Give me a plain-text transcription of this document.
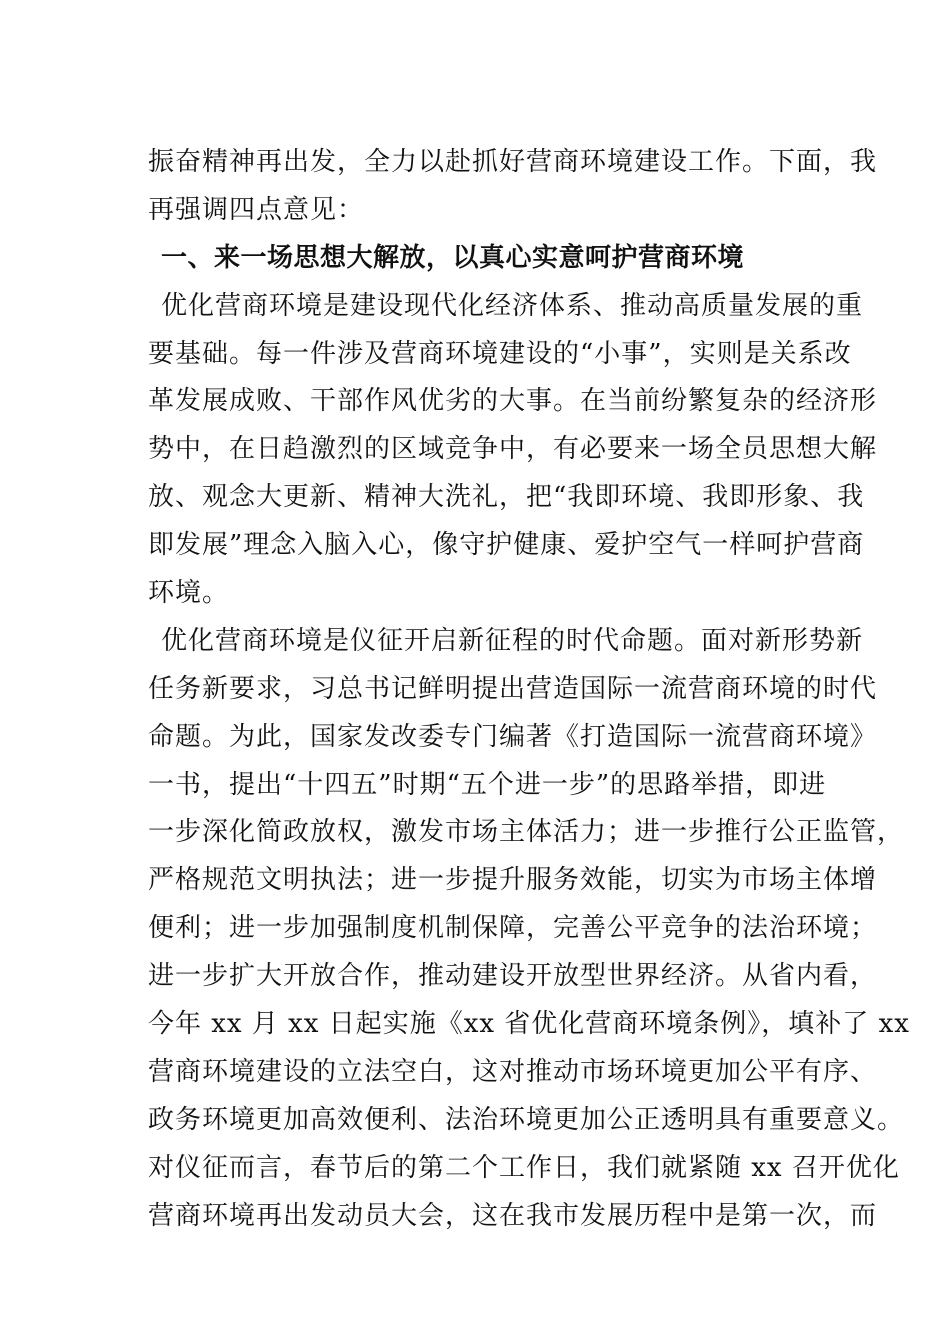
振奋精神再出发，全力以赴抓好营商环境建设工作。下面，我
再强调四点意见：
一、来一场思想大解放，以真心实意呵护营商环境
优化营商环境是建设现代化经济体系、推动高质量发展的重
要基础。每一件涉及营商环境建设的“小事”，实则是关系改
革发展成败、干部作风优劣的大事。在当前纷繁复杂的经济形
势中，在日趋激烈的区域竞争中，有必要来一场全员思想大解
放、观念大更新、精神大洗礼，把“我即环境、我即形象、我
即发展”理念入脑入心，像守护健康、爱护空气一样呵护营商
环境。
优化营商环境是仪征开启新征程的时代命题。面对新形势新
任务新要求，习总书记鲜明提出营造国际一流营商环境的时代
命题。为此，国家发改委专门编著《打造国际一流营商环境》
一书，提出“十四五”时期“五个进一步”的思路举措，即进
一步深化简政放权，激发市场主体活力；进一步推行公正监管，
严格规范文明执法；进一步提升服务效能，切实为市场主体增
便利；进一步加强制度机制保障，完善公平竞争的法治环境；
进一步扩大开放合作，推动建设开放型世界经济。从省内看，
今年 xx 月 xx 日起实施《xx 省优化营商环境条例》，填补了 xx
营商环境建设的立法空白，这对推动市场环境更加公平有序、
政务环境更加高效便利、法治环境更加公正透明具有重要意义。
对仪征而言，春节后的第二个工作日，我们就紧随 xx 召开优化
营商环境再出发动员大会，这在我市发展历程中是第一次，而
